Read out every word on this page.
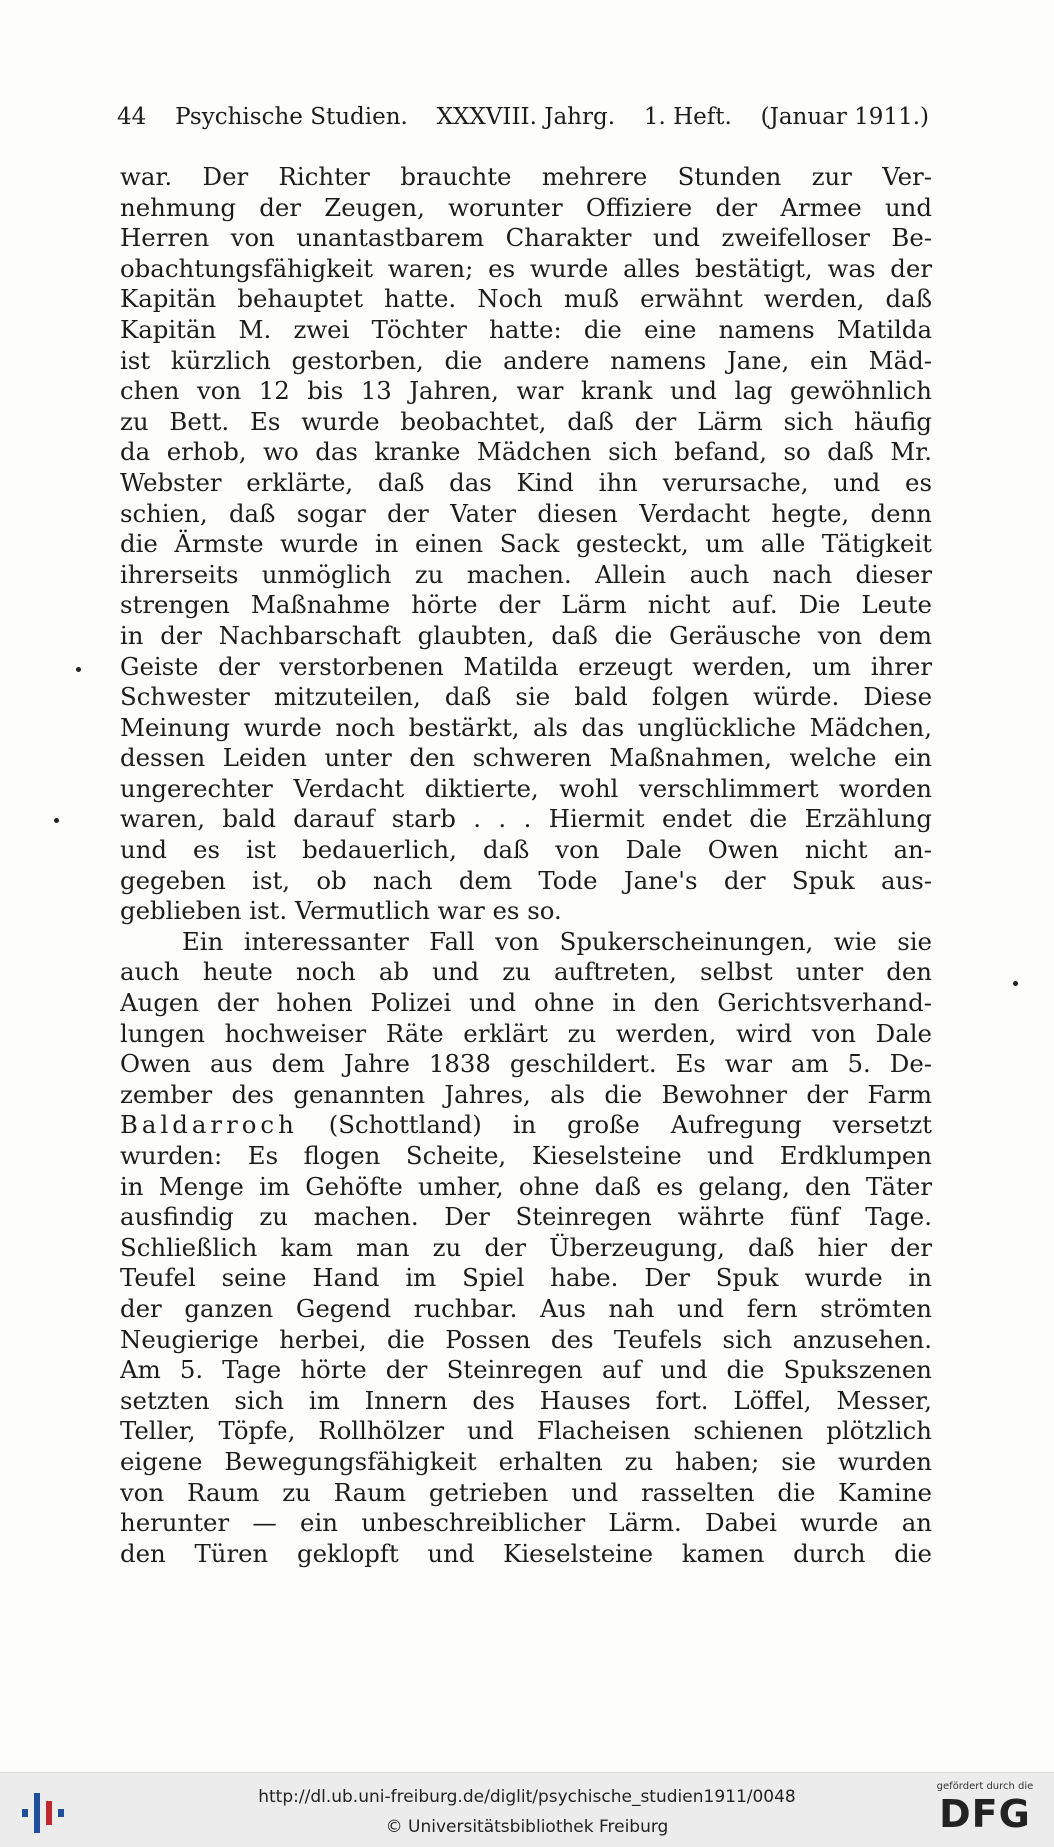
44 Psychische Studien. XXXVIII. Jahrg. 1. Heft. (Januar 1911.)
war. Der Richter brauchte mehrere Stunden zur Ver-
nehmung der Zeugen, worunter Offiziere der Armee und
Herren von unantastbarem Charakter und zweifelloser Be-
obachtungsfähigkeit waren; es wurde alles bestätigt, was der
Kapitän behauptet hatte. Noch muß erwähnt werden, daß
Kapitän M. zwei Töchter hatte: die eine namens Matilda
ist kürzlich gestorben, die andere namens Jane, ein Mäd-
chen von 12 bis 13 Jahren, war krank und lag gewöhnlich
zu Bett. Es wurde beobachtet, daß der Lärm sich häufig
da erhob, wo das kranke Mädchen sich befand, so daß Mr.
Webster erklärte, daß das Kind ihn verursache, und es
schien, daß sogar der Vater diesen Verdacht hegte, denn
die Ärmste wurde in einen Sack gesteckt, um alle Tätigkeit
ihrerseits unmöglich zu machen. Allein auch nach dieser
strengen Maßnahme hörte der Lärm nicht auf. Die Leute
in der Nachbarschaft glaubten, daß die Geräusche von dem
Geiste der verstorbenen Matilda erzeugt werden, um ihrer
Schwester mitzuteilen, daß sie bald folgen würde. Diese
Meinung wurde noch bestärkt, als das unglückliche Mädchen,
dessen Leiden unter den schweren Maßnahmen, welche ein
ungerechter Verdacht diktierte, wohl verschlimmert worden
waren, bald darauf starb . . . Hiermit endet die Erzählung
und es ist bedauerlich, daß von Dale Owen nicht an-
gegeben ist, ob nach dem Tode Jane's der Spuk aus-
geblieben ist. Vermutlich war es so.
Ein interessanter Fall von Spukerscheinungen, wie sie
auch heute noch ab und zu auftreten, selbst unter den
Augen der hohen Polizei und ohne in den Gerichtsverhand-
lungen hochweiser Räte erklärt zu werden, wird von Dale
Owen aus dem Jahre 1838 geschildert. Es war am 5. De-
zember des genannten Jahres, als die Bewohner der Farm
Baldarroch (Schottland) in große Aufregung versetzt
wurden: Es flogen Scheite, Kieselsteine und Erdklumpen
in Menge im Gehöfte umher, ohne daß es gelang, den Täter
ausfindig zu machen. Der Steinregen währte fünf Tage.
Schließlich kam man zu der Überzeugung, daß hier der
Teufel seine Hand im Spiel habe. Der Spuk wurde in
der ganzen Gegend ruchbar. Aus nah und fern strömten
Neugierige herbei, die Possen des Teufels sich anzusehen.
Am 5. Tage hörte der Steinregen auf und die Spukszenen
setzten sich im Innern des Hauses fort. Löffel, Messer,
Teller, Töpfe, Rollhölzer und Flacheisen schienen plötzlich
eigene Bewegungsfähigkeit erhalten zu haben; sie wurden
von Raum zu Raum getrieben und rasselten die Kamine
herunter — ein unbeschreiblicher Lärm. Dabei wurde an
den Türen geklopft und Kieselsteine kamen durch die
http://dl.ub.uni-freiburg.de/diglit/psychische_studien1911/0048
© Universitätsbibliothek Freiburg
gefördert durch die
DFG
